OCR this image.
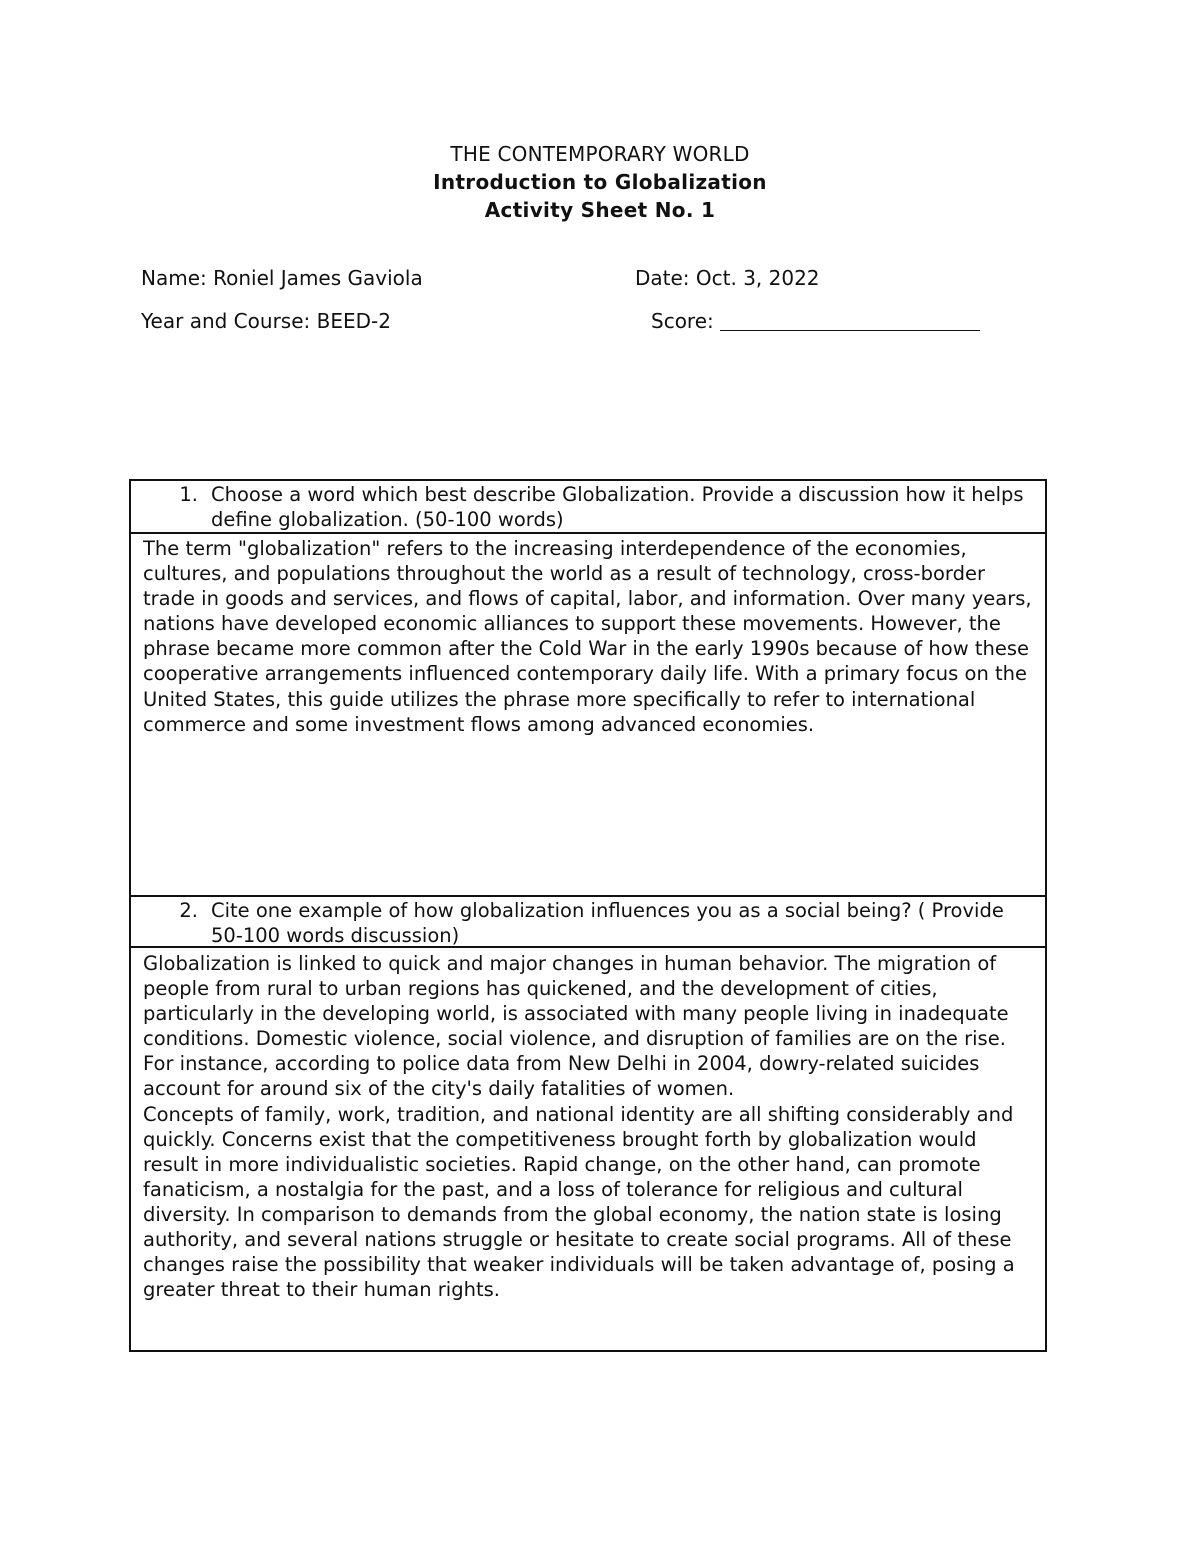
THE CONTEMPORARY WORLD
Introduction to Globalization
Activity Sheet No. 1
Name: Roniel James Gaviola	Date: Oct. 3, 2022
Year and Course: BEED-2	Score:
1. Choose a word which best describe Globalization. Provide a discussion how it helps define globalization. (50-100 words)

The term "globalization" refers to the increasing interdependence of the economies, cultures, and populations throughout the world as a result of technology, cross-border trade in goods and services, and flows of capital, labor, and information. Over many years, nations have developed economic alliances to support these movements. However, the phrase became more common after the Cold War in the early 1990s because of how these cooperative arrangements influenced contemporary daily life. With a primary focus on the United States, this guide utilizes the phrase more specifically to refer to international commerce and some investment flows among advanced economies.

2. Cite one example of how globalization influences you as a social being? ( Provide 50-100 words discussion)

Globalization is linked to quick and major changes in human behavior. The migration of people from rural to urban regions has quickened, and the development of cities, particularly in the developing world, is associated with many people living in inadequate conditions. Domestic violence, social violence, and disruption of families are on the rise. For instance, according to police data from New Delhi in 2004, dowry-related suicides account for around six of the city's daily fatalities of women.

Concepts of family, work, tradition, and national identity are all shifting considerably and quickly. Concerns exist that the competitiveness brought forth by globalization would result in more individualistic societies. Rapid change, on the other hand, can promote fanaticism, a nostalgia for the past, and a loss of tolerance for religious and cultural diversity. In comparison to demands from the global economy, the nation state is losing authority, and several nations struggle or hesitate to create social programs. All of these changes raise the possibility that weaker individuals will be taken advantage of, posing a greater threat to their human rights.
